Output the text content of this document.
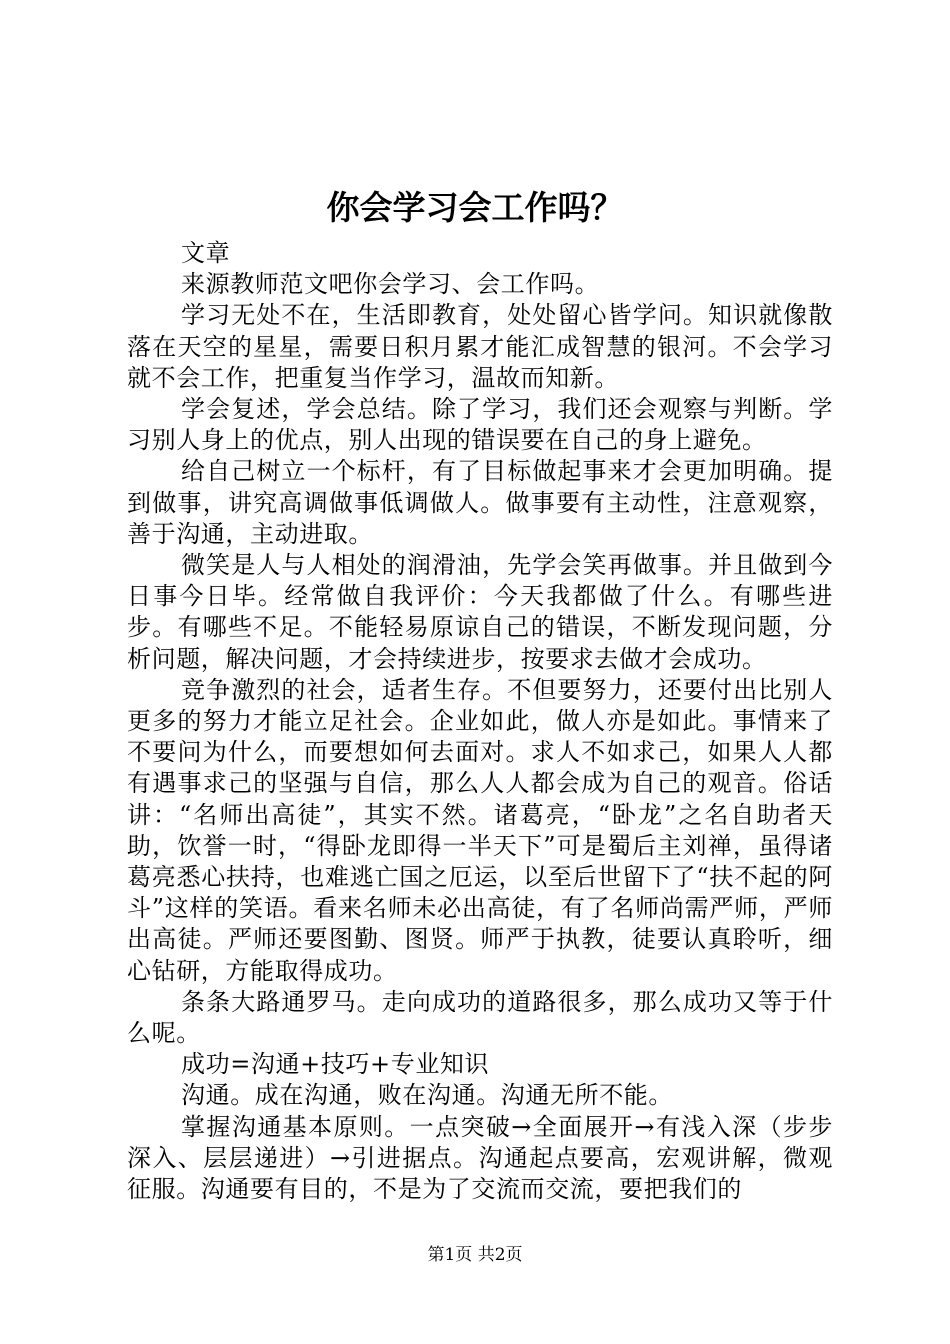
你会学习会工作吗？

文章

来源教师范文吧你会学习、会工作吗。

学习无处不在，生活即教育，处处留心皆学问。知识就像散落在天空的星星，需要日积月累才能汇成智慧的银河。不会学习就不会工作，把重复当作学习，温故而知新。

学会复述，学会总结。除了学习，我们还会观察与判断。学习别人身上的优点，别人出现的错误要在自己的身上避免。

给自己树立一个标杆，有了目标做起事来才会更加明确。提到做事，讲究高调做事低调做人。做事要有主动性，注意观察，善于沟通，主动进取。

微笑是人与人相处的润滑油，先学会笑再做事。并且做到今日事今日毕。经常做自我评价：今天我都做了什么。有哪些进步。有哪些不足。不能轻易原谅自己的错误，不断发现问题，分析问题，解决问题，才会持续进步，按要求去做才会成功。

竞争激烈的社会，适者生存。不但要努力，还要付出比别人更多的努力才能立足社会。企业如此，做人亦是如此。事情来了不要问为什么，而要想如何去面对。求人不如求己，如果人人都有遇事求己的坚强与自信，那么人人都会成为自己的观音。俗话讲：“名师出高徒”，其实不然。诸葛亮，“卧龙”之名自助者天助，饮誉一时，“得卧龙即得一半天下”可是蜀后主刘禅，虽得诸葛亮悉心扶持，也难逃亡国之厄运，以至后世留下了“扶不起的阿斗”这样的笑语。看来名师未必出高徒，有了名师尚需严师，严师出高徒。严师还要图勤、图贤。师严于执教，徒要认真聆听，细心钻研，方能取得成功。

条条大路通罗马。走向成功的道路很多，那么成功又等于什么呢。

成功=沟通+技巧+专业知识

沟通。成在沟通，败在沟通。沟通无所不能。

掌握沟通基本原则。一点突破→全面展开→有浅入深（步步深入、层层递进）→引进据点。沟通起点要高，宏观讲解，微观征服。沟通要有目的，不是为了交流而交流，要把我们的

第1页 共2页
